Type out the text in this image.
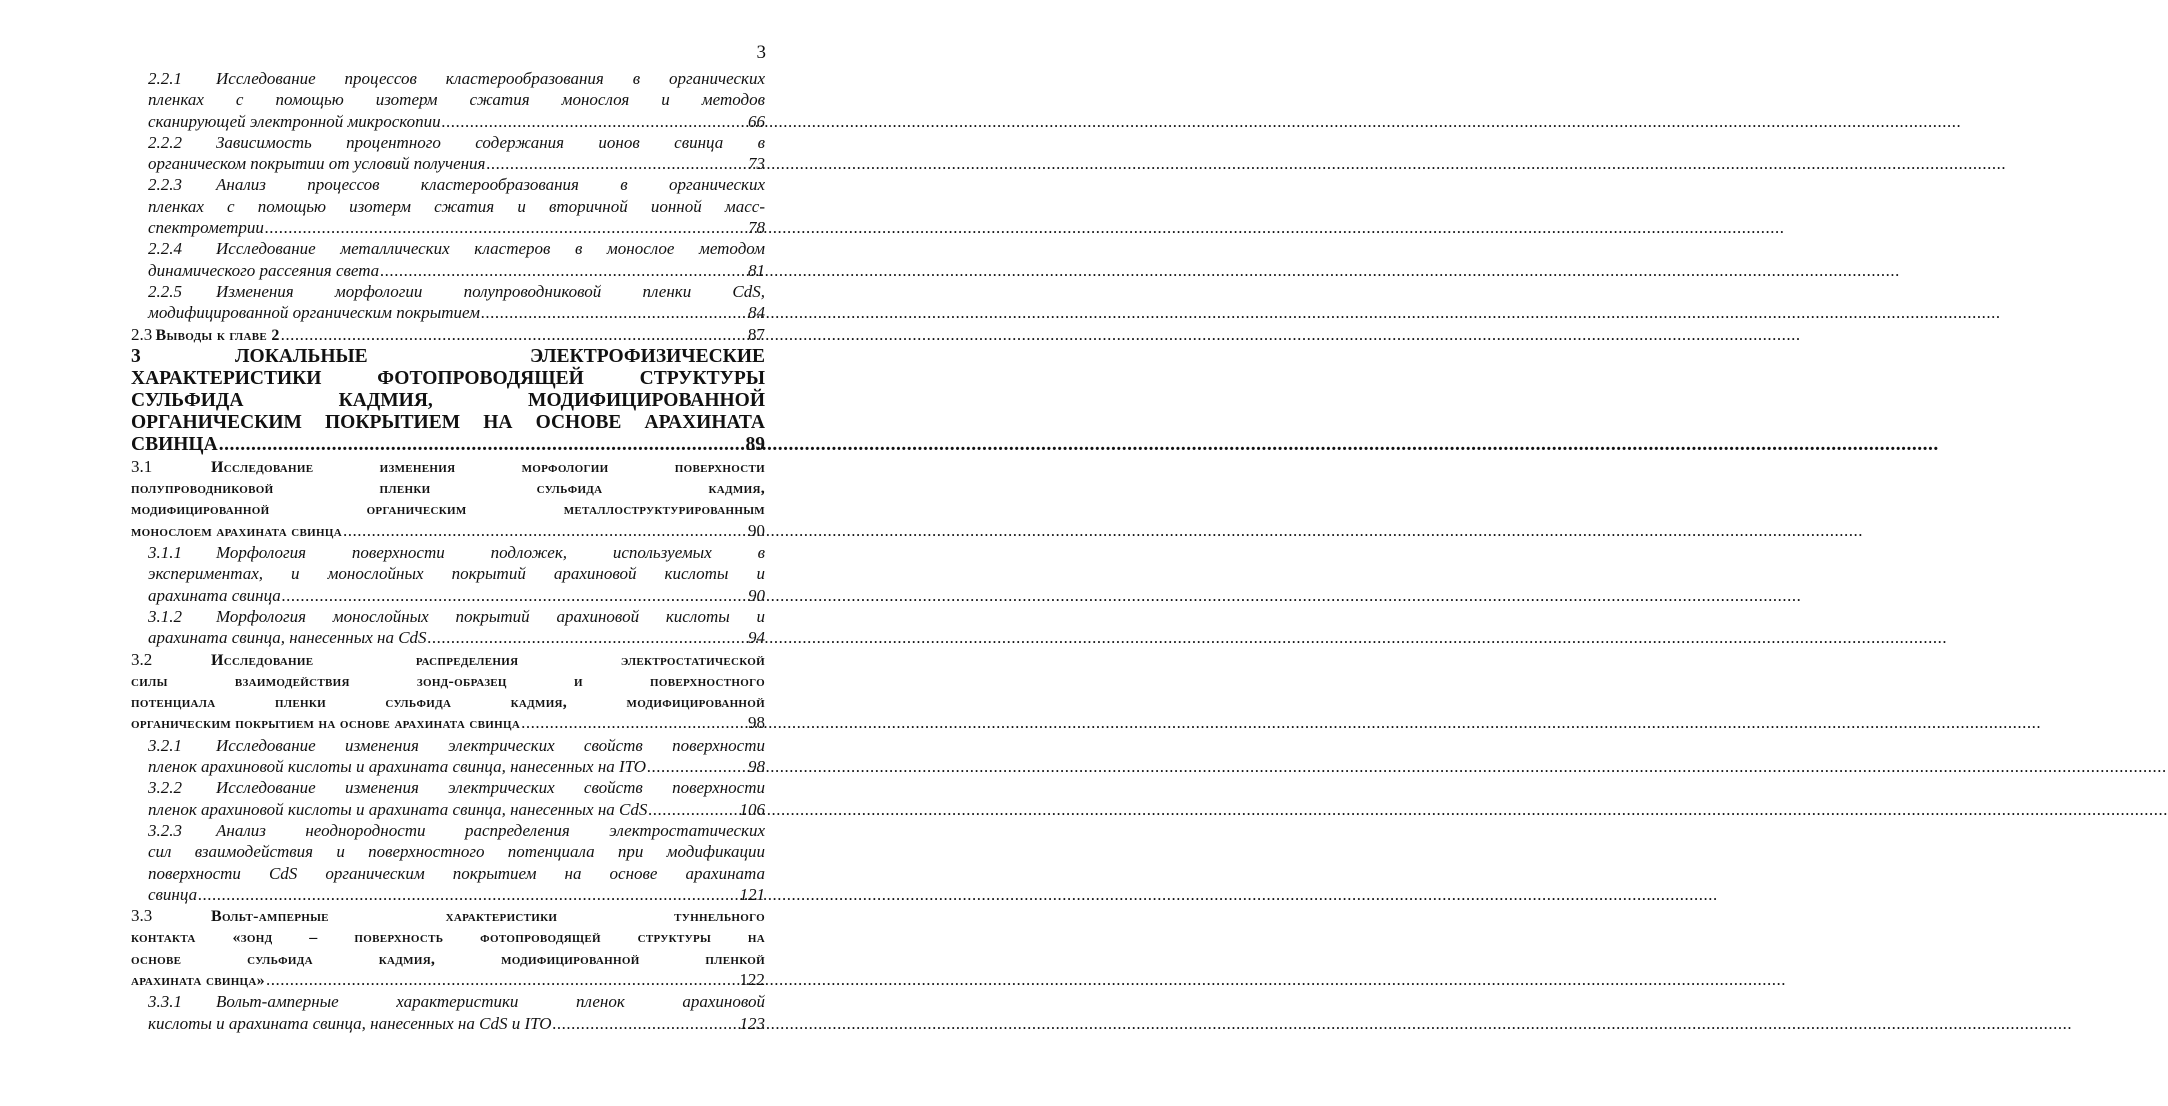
3
2.2.1 Исследование процессов кластерообразования в органических
пленках с помощью изотерм сжатия монослоя и методов
сканирующей электронной микроскопии .....	66
2.2.2 Зависимость процентного содержания ионов свинца в
органическом покрытии от условий получения .....	73
2.2.3 Анализ процессов кластерообразования в органических
пленках с помощью изотерм сжатия и вторичной ионной масс-
спектрометрии .....	78
2.2.4 Исследование металлических кластеров в монослое методом
динамического рассеяния света .....	81
2.2.5 Изменения морфологии полупроводниковой пленки CdS,
модифицированной органическим покрытием .....	84
2.3 Выводы к главе 2 .....	87
3	ЛОКАЛЬНЫЕ ЭЛЕКТРОФИЗИЧЕСКИЕ
ХАРАКТЕРИСТИКИ ФОТОПРОВОДЯЩЕЙ СТРУКТУРЫ
СУЛЬФИДА КАДМИЯ, МОДИФИЦИРОВАННОЙ
ОРГАНИЧЕСКИМ ПОКРЫТИЕМ НА ОСНОВЕ АРАХИНАТА
СВИНЦА .....	89
3.1	Исследование изменения морфологии поверхности
полупроводниковой пленки сульфида кадмия,
модифицированной органическим металлоструктурированным
монослоем арахината свинца .....	90
3.1.1 Морфология поверхности подложек, используемых в
экспериментах, и монослойных покрытий арахиновой кислоты и
арахината свинца .....	90
3.1.2 Морфология монослойных покрытий арахиновой кислоты и
арахината свинца, нанесенных на CdS .....	94
3.2	Исследование распределения электростатической
силы взаимодействия зонд-образец и поверхностного
потенциала пленки сульфида кадмия, модифицированной
органическим покрытием на основе арахината свинца .....	98
3.2.1 Исследование изменения электрических свойств поверхности
пленок арахиновой кислоты и арахината свинца, нанесенных на ITO .....	98
3.2.2 Исследование изменения электрических свойств поверхности
пленок арахиновой кислоты и арахината свинца, нанесенных на CdS .....	106
3.2.3 Анализ неоднородности распределения электростатических
сил взаимодействия и поверхностного потенциала при модификации
поверхности CdS органическим покрытием на основе арахината
свинца .....	121
3.3	Вольт-амперные характеристики туннельного
контакта «зонд – поверхность фотопроводящей структуры на
основе сульфида кадмия, модифицированной пленкой
арахината свинца» .....	122
3.3.1 Вольт-амперные характеристики пленок арахиновой
кислоты и арахината свинца, нанесенных на CdS и ITO .....	123
